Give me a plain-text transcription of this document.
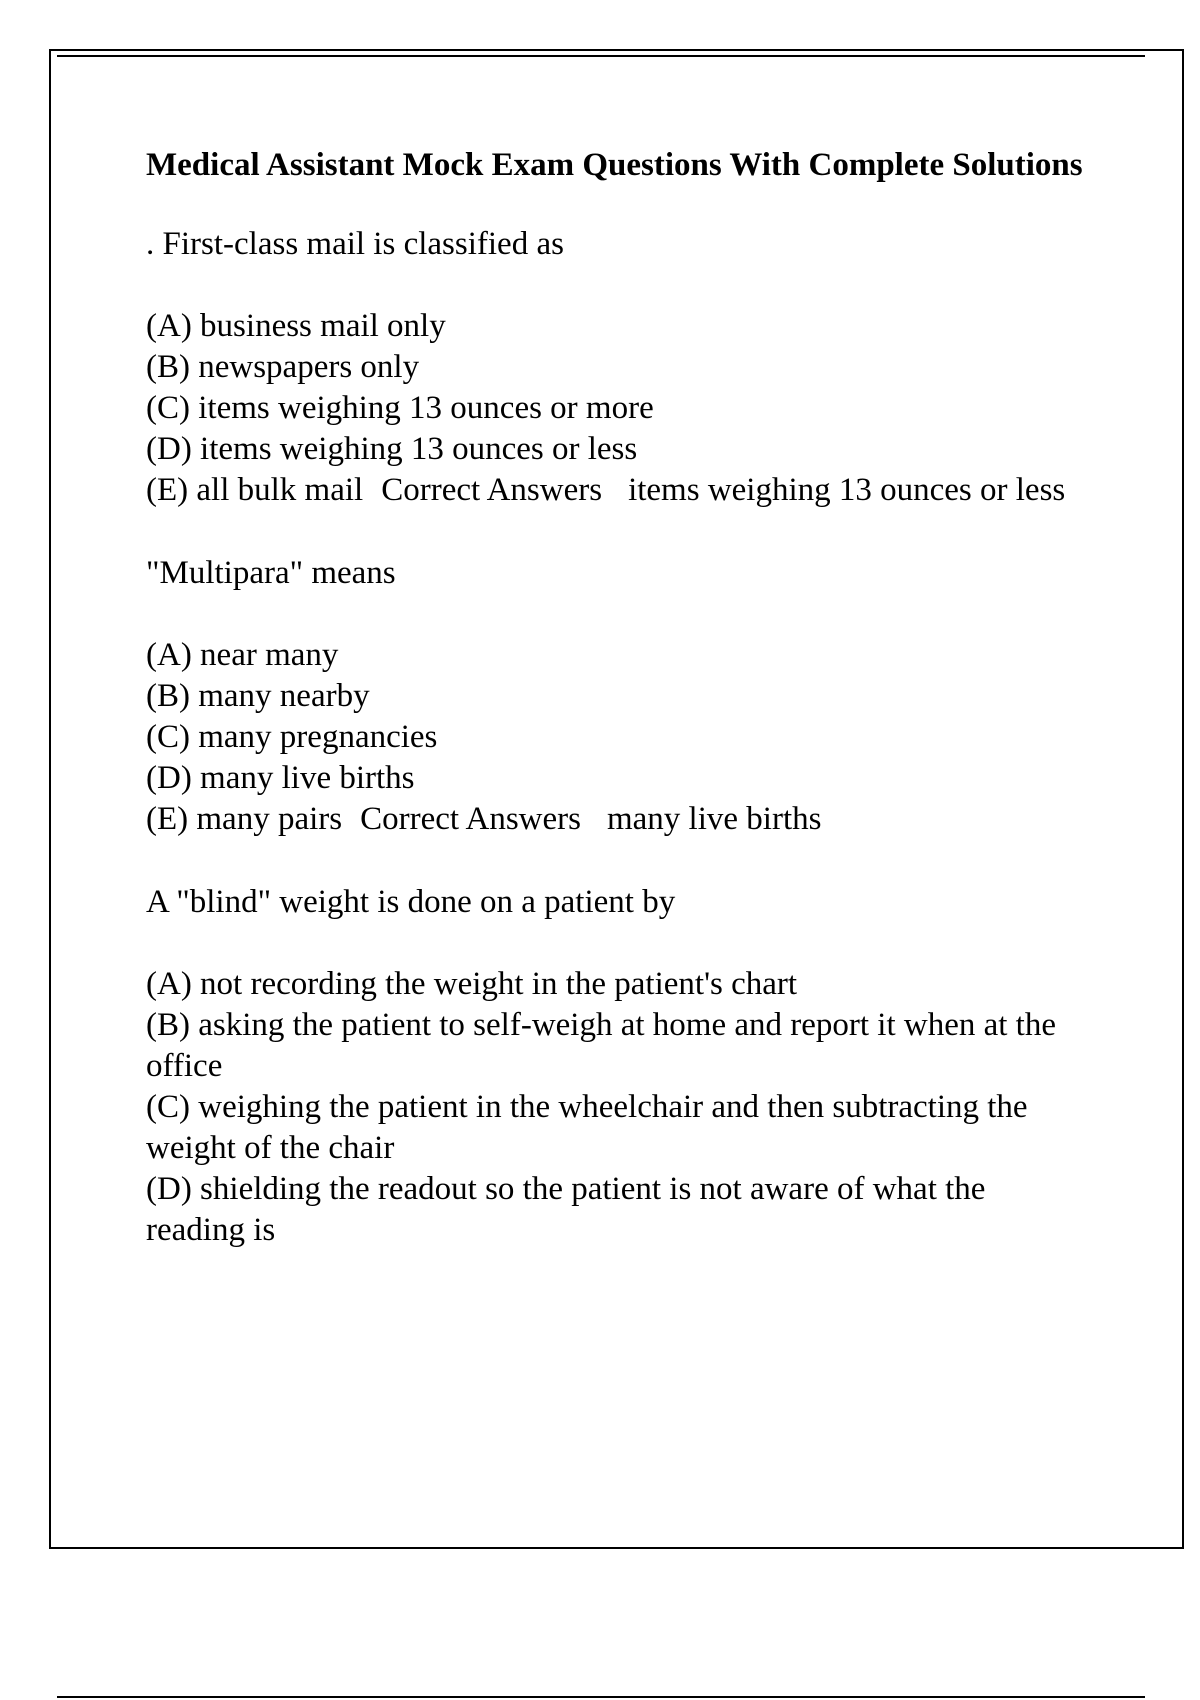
Medical Assistant Mock Exam Questions With Complete Solutions
. First-class mail is classified as
(A) business mail only
(B) newspapers only
(C) items weighing 13 ounces or more
(D) items weighing 13 ounces or less
(E) all bulk mail Correct Answers items weighing 13 ounces or less
"Multipara" means
(A) near many
(B) many nearby
(C) many pregnancies
(D) many live births
(E) many pairs Correct Answers many live births
A "blind" weight is done on a patient by
(A) not recording the weight in the patient's chart
(B) asking the patient to self-weigh at home and report it when at the office
(C) weighing the patient in the wheelchair and then subtracting the weight of the chair
(D) shielding the readout so the patient is not aware of what the reading is
